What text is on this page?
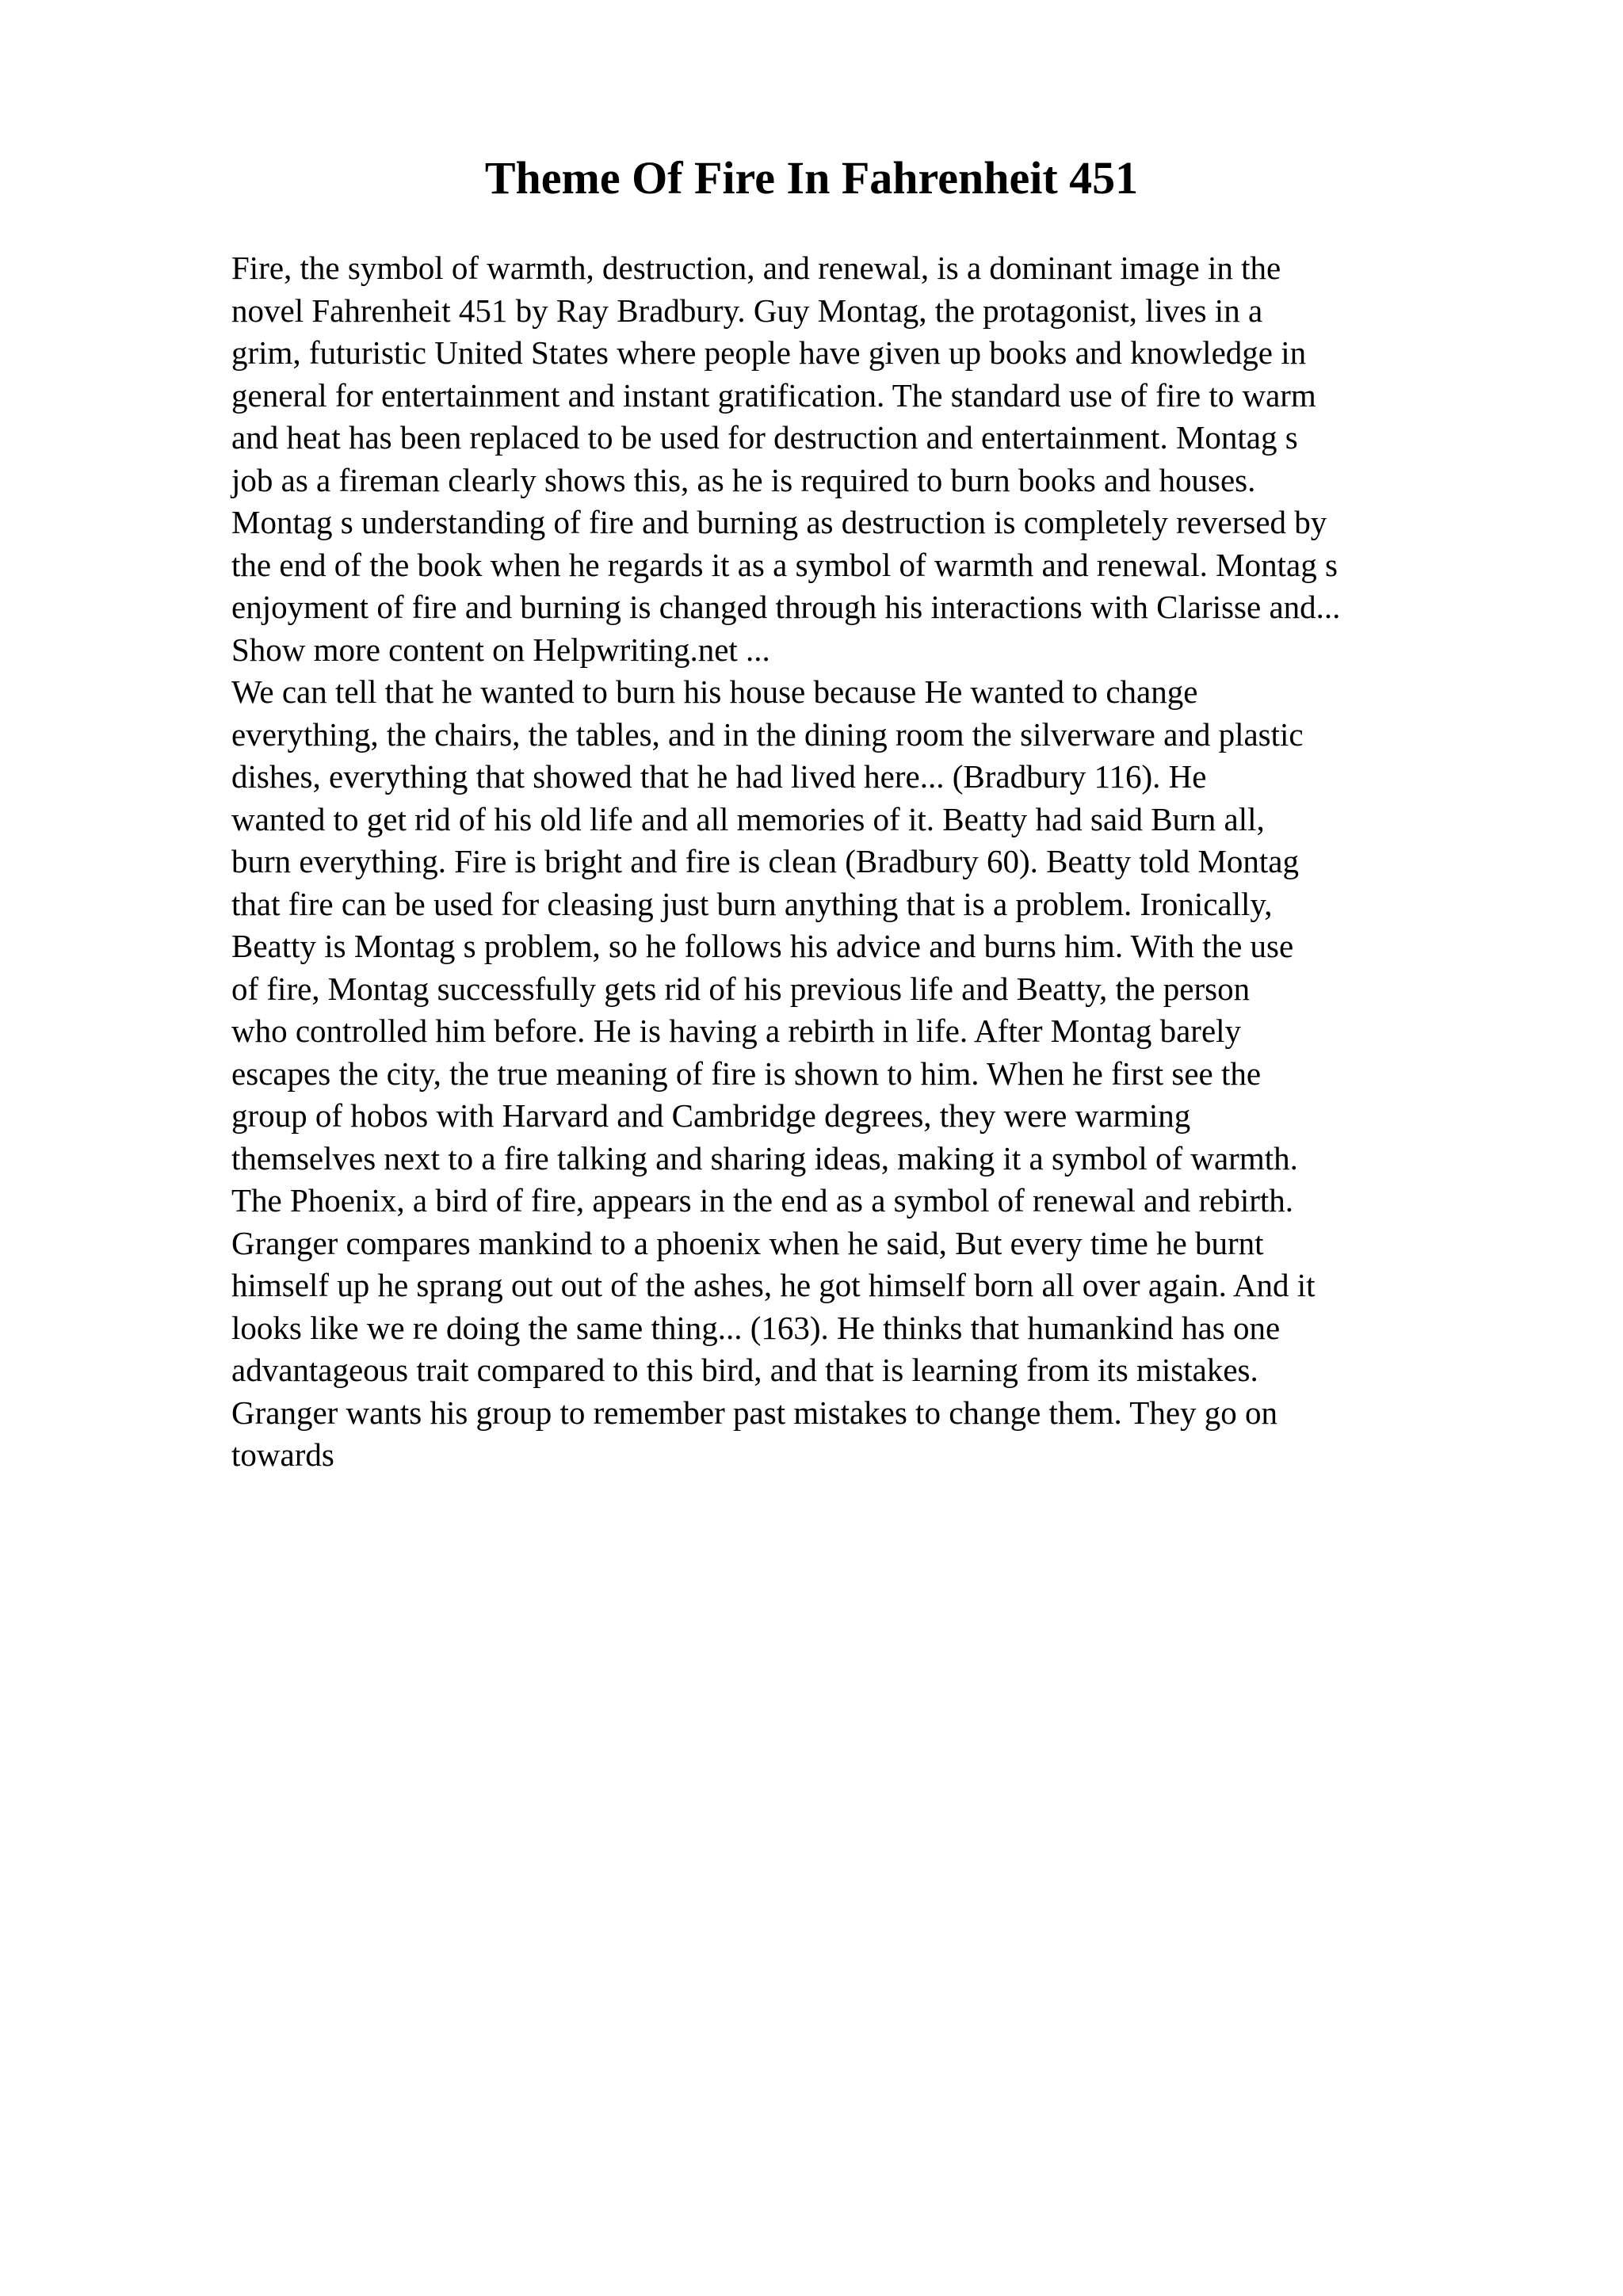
Theme Of Fire In Fahrenheit 451
Fire, the symbol of warmth, destruction, and renewal, is a dominant image in the
novel Fahrenheit 451 by Ray Bradbury. Guy Montag, the protagonist, lives in a
grim, futuristic United States where people have given up books and knowledge in
general for entertainment and instant gratification. The standard use of fire to warm
and heat has been replaced to be used for destruction and entertainment. Montag s
job as a fireman clearly shows this, as he is required to burn books and houses.
Montag s understanding of fire and burning as destruction is completely reversed by
the end of the book when he regards it as a symbol of warmth and renewal. Montag s
enjoyment of fire and burning is changed through his interactions with Clarisse and...
Show more content on Helpwriting.net ...
We can tell that he wanted to burn his house because He wanted to change
everything, the chairs, the tables, and in the dining room the silverware and plastic
dishes, everything that showed that he had lived here... (Bradbury 116). He
wanted to get rid of his old life and all memories of it. Beatty had said Burn all,
burn everything. Fire is bright and fire is clean (Bradbury 60). Beatty told Montag
that fire can be used for cleasing just burn anything that is a problem. Ironically,
Beatty is Montag s problem, so he follows his advice and burns him. With the use
of fire, Montag successfully gets rid of his previous life and Beatty, the person
who controlled him before. He is having a rebirth in life. After Montag barely
escapes the city, the true meaning of fire is shown to him. When he first see the
group of hobos with Harvard and Cambridge degrees, they were warming
themselves next to a fire talking and sharing ideas, making it a symbol of warmth.
The Phoenix, a bird of fire, appears in the end as a symbol of renewal and rebirth.
Granger compares mankind to a phoenix when he said, But every time he burnt
himself up he sprang out out of the ashes, he got himself born all over again. And it
looks like we re doing the same thing... (163). He thinks that humankind has one
advantageous trait compared to this bird, and that is learning from its mistakes.
Granger wants his group to remember past mistakes to change them. They go on
towards
